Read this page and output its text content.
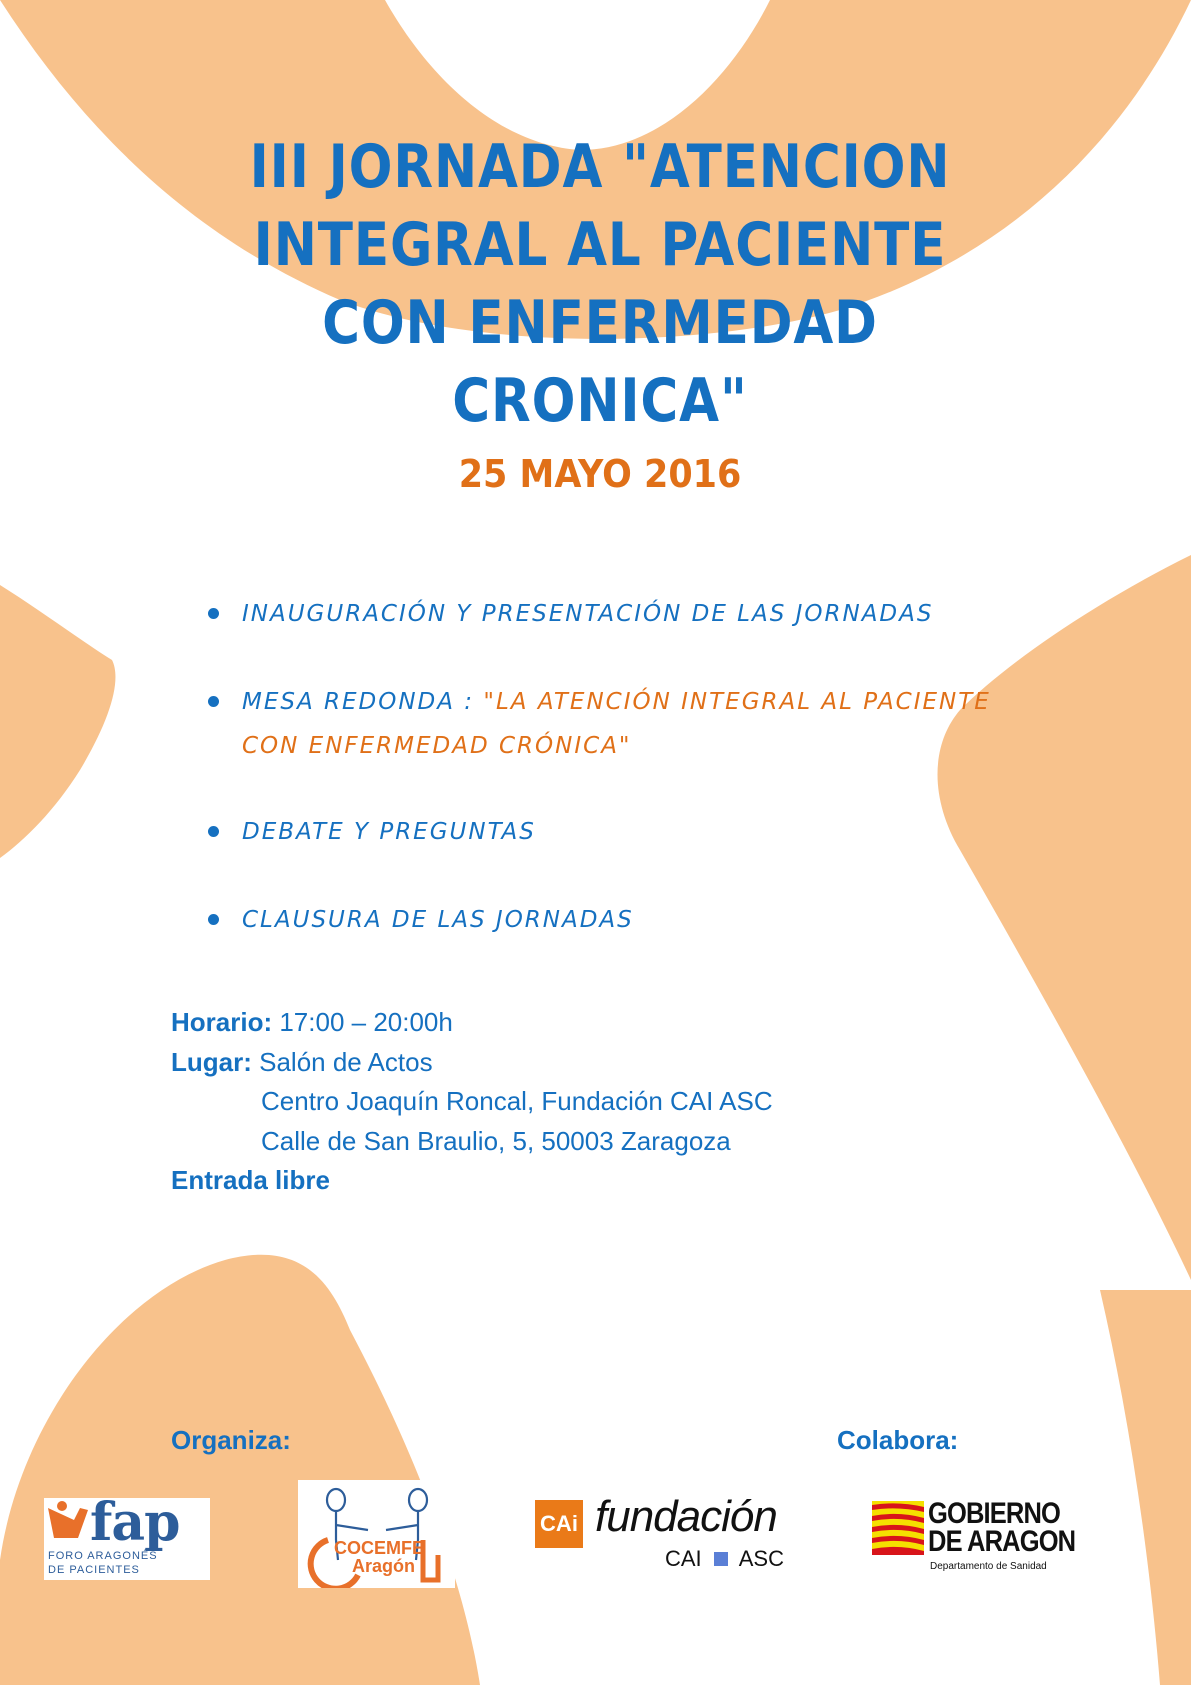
III JORNADA "ATENCION
INTEGRAL AL PACIENTE
CON ENFERMEDAD
CRONICA"
25 MAYO 2016
INAUGURACIÓN Y PRESENTACIÓN DE LAS JORNADAS
MESA REDONDA : "LA ATENCIÓN INTEGRAL AL PACIENTE
CON ENFERMEDAD CRÓNICA"
DEBATE Y PREGUNTAS
CLAUSURA DE LAS JORNADAS
Horario: 17:00 – 20:00h
Lugar: Salón de Actos
Centro Joaquín Roncal, Fundación CAI ASC
Calle de San Braulio, 5, 50003 Zaragoza
Entrada libre
Organiza:	Colabora:
fap
FORO ARAGONÉS
DE PACIENTES
COCEMFE
Aragón
CAi fundación
CAI ASC
GOBIERNO
DE ARAGON
Departamento de Sanidad
